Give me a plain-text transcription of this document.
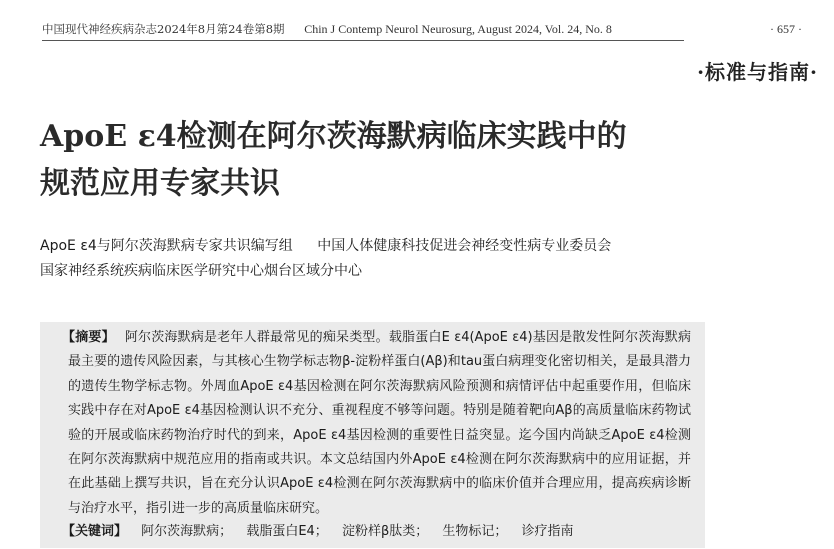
中国现代神经疾病杂志2024年8月第24卷第8期 Chin J Contemp Neurol Neurosurg, August 2024, Vol. 24, No. 8	· 657 ·
·标准与指南·
ApoE ε4检测在阿尔茨海默病临床实践中的
规范应用专家共识
ApoE ε4与阿尔茨海默病专家共识编写组 中国人体健康科技促进会神经变性病专业委员会
国家神经系统疾病临床医学研究中心烟台区域分中心
【摘要】 阿尔茨海默病是老年人群最常见的痴呆类型。载脂蛋白E ε4(ApoE ε4)基因是散发性阿尔茨海默病最主要的遗传风险因素，与其核心生物学标志物β-淀粉样蛋白(Aβ)和tau蛋白病理变化密切相关，是最具潜力的遗传生物学标志物。外周血ApoE ε4基因检测在阿尔茨海默病风险预测和病情评估中起重要作用，但临床实践中存在对ApoE ε4基因检测认识不充分、重视程度不够等问题。特别是随着靶向Aβ的高质量临床药物试验的开展或临床药物治疗时代的到来，ApoE ε4基因检测的重要性日益突显。迄今国内尚缺乏ApoE ε4检测在阿尔茨海默病中规范应用的指南或共识。本文总结国内外ApoE ε4检测在阿尔茨海默病中的应用证据，并在此基础上撰写共识，旨在充分认识ApoE ε4检测在阿尔茨海默病中的临床价值并合理应用，提高疾病诊断与治疗水平，指引进一步的高质量临床研究。
【关键词】 阿尔茨海默病； 载脂蛋白E4； 淀粉样β肽类； 生物标记； 诊疗指南
